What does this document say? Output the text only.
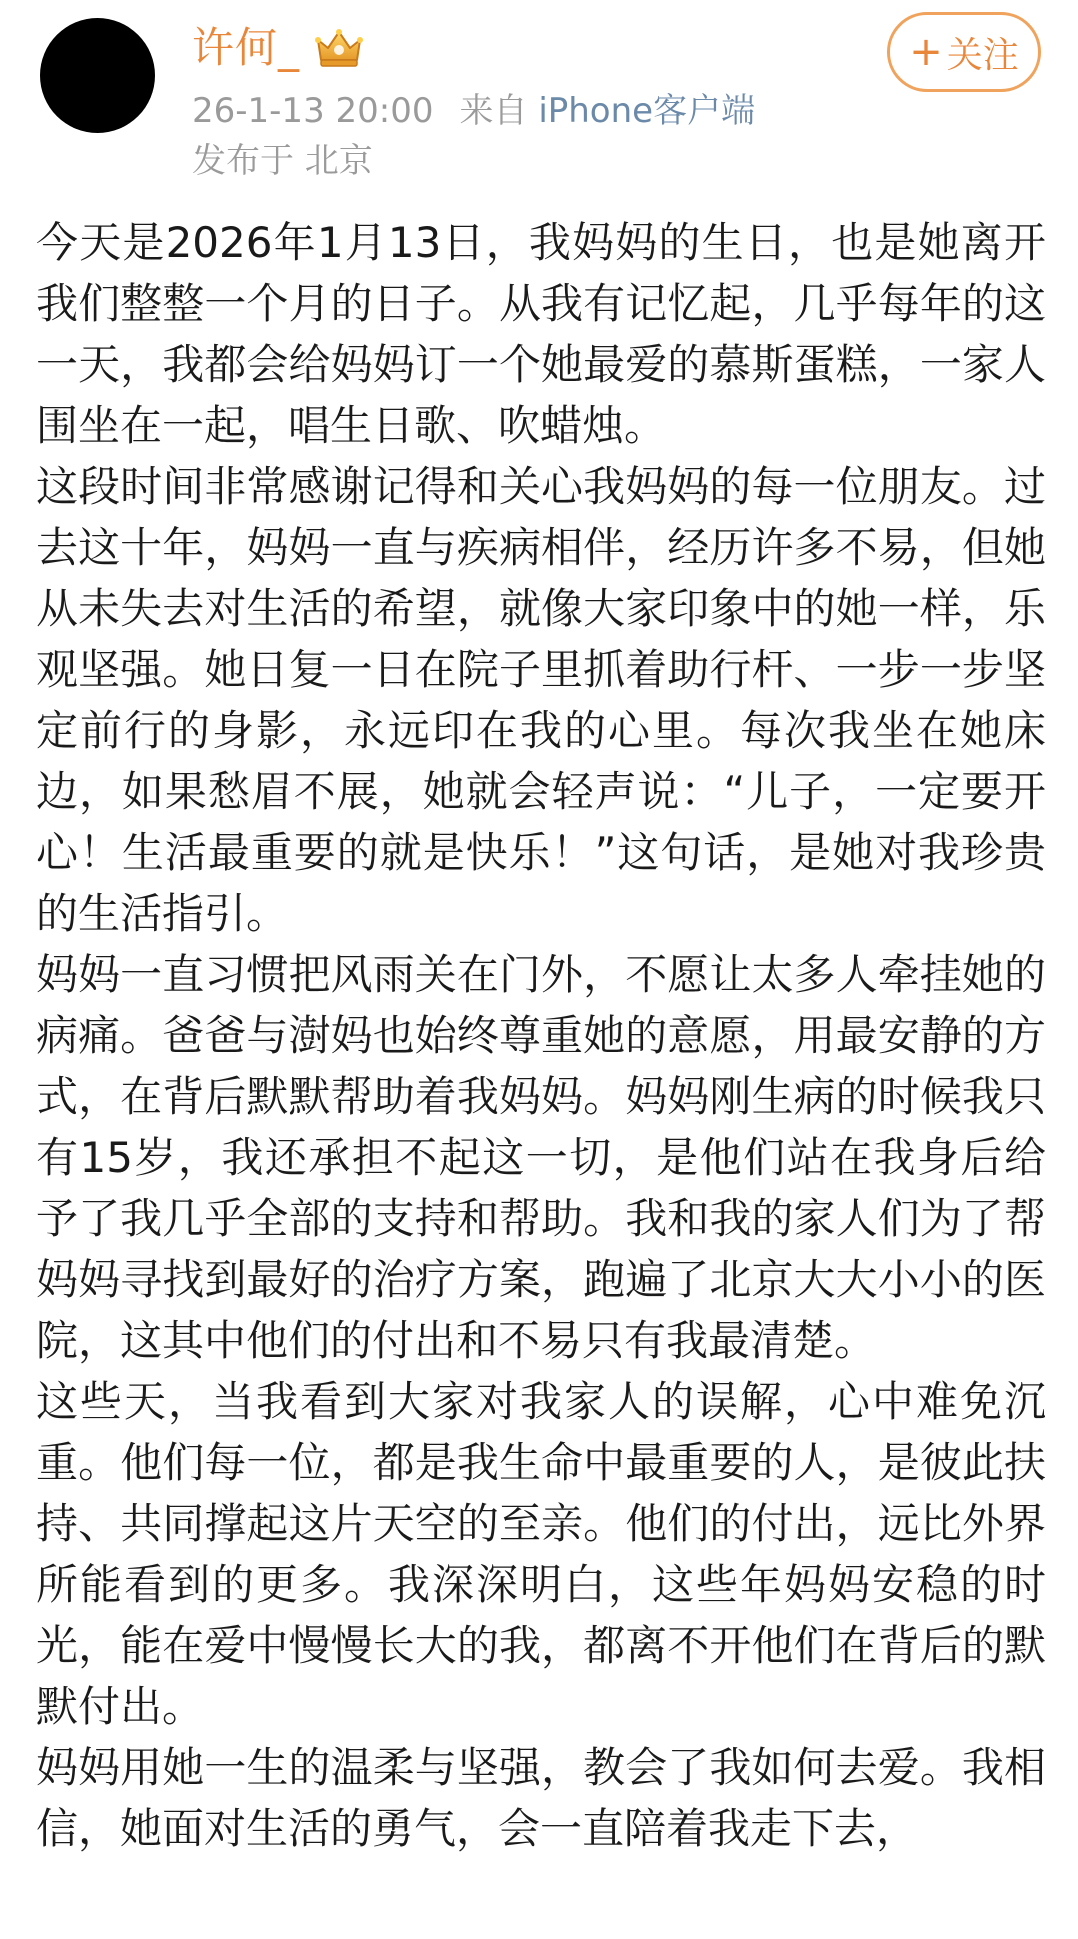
许何_
26-1-13 20:00 来自 iPhone客户端
发布于 北京
+ 关注

今天是2026年1月13日，我妈妈的生日，也是她离开我们整整一个月的日子。从我有记忆起，几乎每年的这一天，我都会给妈妈订一个她最爱的慕斯蛋糕，一家人围坐在一起，唱生日歌、吹蜡烛。

这段时间非常感谢记得和关心我妈妈的每一位朋友。过去这十年，妈妈一直与疾病相伴，经历许多不易，但她从未失去对生活的希望，就像大家印象中的她一样，乐观坚强。她日复一日在院子里抓着助行杆、一步一步坚定前行的身影，永远印在我的心里。每次我坐在她床边，如果愁眉不展，她就会轻声说：“儿子，一定要开心！生活最重要的就是快乐！”这句话，是她对我珍贵的生活指引。

妈妈一直习惯把风雨关在门外，不愿让太多人牵挂她的病痛。爸爸与澍妈也始终尊重她的意愿，用最安静的方式，在背后默默帮助着我妈妈。妈妈刚生病的时候我只有15岁，我还承担不起这一切，是他们站在我身后给予了我几乎全部的支持和帮助。我和我的家人们为了帮妈妈寻找到最好的治疗方案，跑遍了北京大大小小的医院，这其中他们的付出和不易只有我最清楚。

这些天，当我看到大家对我家人的误解，心中难免沉重。他们每一位，都是我生命中最重要的人，是彼此扶持、共同撑起这片天空的至亲。他们的付出，远比外界所能看到的更多。我深深明白，这些年妈妈安稳的时光，能在爱中慢慢长大的我，都离不开他们在背后的默默付出。

妈妈用她一生的温柔与坚强，教会了我如何去爱。我相信，她面对生活的勇气，会一直陪着我走下去，
